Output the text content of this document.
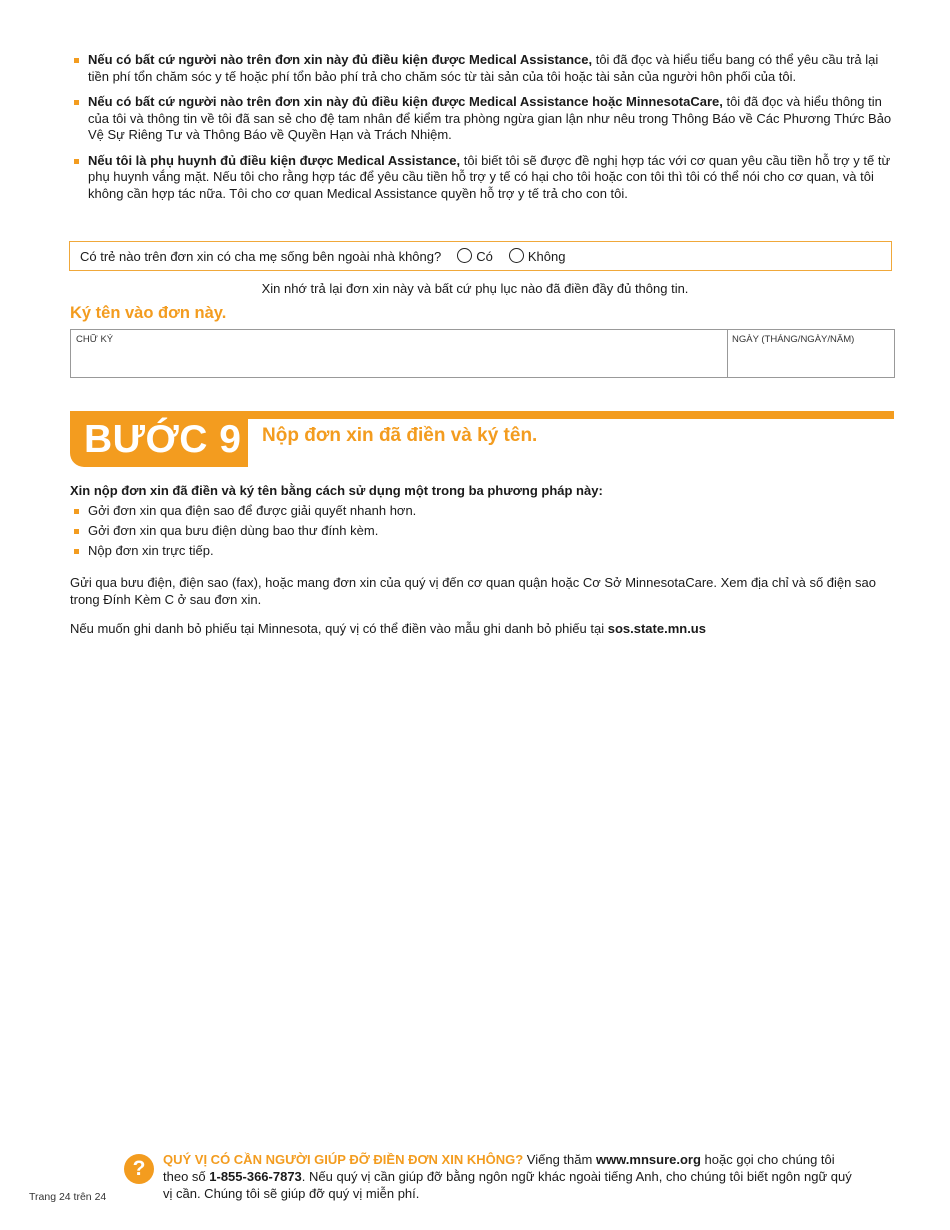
Nếu có bất cứ người nào trên đơn xin này đủ điều kiện được Medical Assistance, tôi đã đọc và hiểu tiểu bang có thể yêu cầu trả lại tiền phí tổn chăm sóc y tế hoặc phí tổn bảo phí trả cho chăm sóc từ tài sản của tôi hoặc tài sản của người hôn phối của tôi.
Nếu có bất cứ người nào trên đơn xin này đủ điều kiện được Medical Assistance hoặc MinnesotaCare, tôi đã đọc và hiểu thông tin của tôi và thông tin về tôi đã san sẻ cho đệ tam nhân để kiểm tra phòng ngừa gian lận như nêu trong Thông Báo về Các Phương Thức Bảo Vệ Sự Riêng Tư và Thông Báo về Quyền Hạn và Trách Nhiệm.
Nếu tôi là phụ huynh đủ điều kiện được Medical Assistance, tôi biết tôi sẽ được đề nghị hợp tác với cơ quan yêu cầu tiền hỗ trợ y tế từ phụ huynh vắng mặt. Nếu tôi cho rằng hợp tác để yêu cầu tiền hỗ trợ y tế có hại cho tôi hoặc con tôi thì tôi có thể nói cho cơ quan, và tôi không cần hợp tác nữa. Tôi cho cơ quan Medical Assistance quyền hỗ trợ y tế trả cho con tôi.
Có trẻ nào trên đơn xin có cha mẹ sống bên ngoài nhà không?	Có	Không
Xin nhớ trả lại đơn xin này và bất cứ phụ lục nào đã điền đầy đủ thông tin.
Ký tên vào đơn này.
CHỮ KÝ	NGÀY (THÁNG/NGÀY/NĂM)
BƯỚC 9 Nộp đơn xin đã điền và ký tên.
Xin nộp đơn xin đã điền và ký tên bằng cách sử dụng một trong ba phương pháp này:
Gởi đơn xin qua điện sao để được giải quyết nhanh hơn.
Gởi đơn xin qua bưu điện dùng bao thư đính kèm.
Nộp đơn xin trực tiếp.
Gửi qua bưu điện, điện sao (fax), hoặc mang đơn xin của quý vị đến cơ quan quận hoặc Cơ Sở MinnesotaCare. Xem địa chỉ và số điện sao trong Đính Kèm C ở sau đơn xin.
Nếu muốn ghi danh bỏ phiếu tại Minnesota, quý vị có thể điền vào mẫu ghi danh bỏ phiếu tại sos.state.mn.us
?	QUÝ VỊ CÓ CẦN NGƯỜI GIÚP ĐỠ ĐIỀN ĐƠN XIN KHÔNG? Viếng thăm www.mnsure.org hoặc gọi cho chúng tôi theo số 1-855-366-7873. Nếu quý vị cần giúp đỡ bằng ngôn ngữ khác ngoài tiếng Anh, cho chúng tôi biết ngôn ngữ quý vị cần. Chúng tôi sẽ giúp đỡ quý vị miễn phí.
Trang 24 trên 24
